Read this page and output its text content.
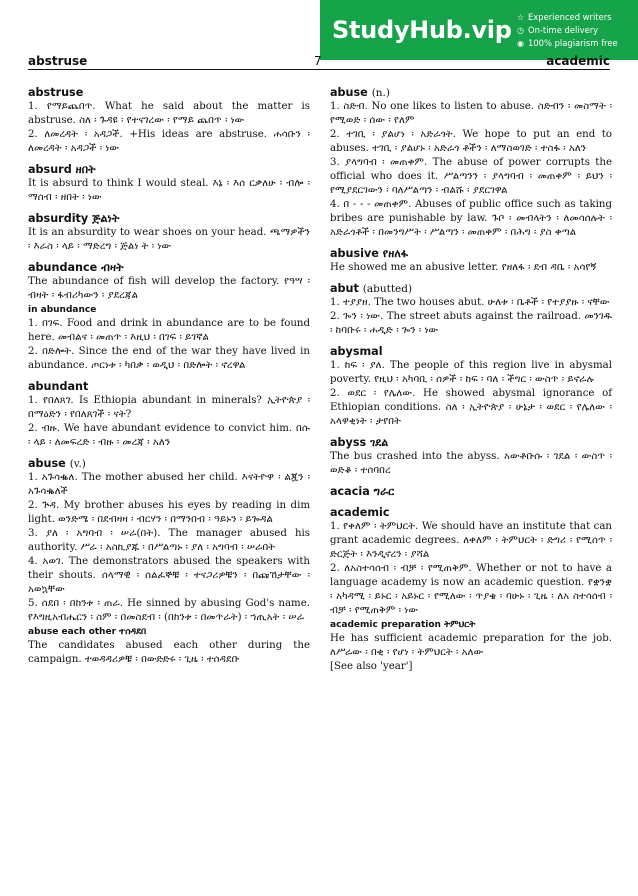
StudyHub.vip ☆ Experienced writers
◷ On-time delivery
◉ 100% plagiarism free
abstruse	7	academic
abstruse
1. የማይጨበጥ. What he said about the matter is abstruse. ስለ ፡ ጉዳዩ ፡ የተናገረው ፡ የማይ ጨበጥ ፡ ነው
2. ለመረዳት ፡ አዳጋች. +His ideas are abstruse. ሐሳቡን ፡ ለመረዳት ፡ አዳጋች ፡ ነው
absurd ዘበት
It is absurd to think I would steal. እኔ ፡ እሰ ርቃለሁ ፡ ብሎ ፡ ማሰብ ፡ ዘበት ፡ ነው
absurdity ጅልነት
It is an absurdity to wear shoes on your head. ጫማዎችን ፡ እራስ ፡ ላይ ፡ ማድረግ ፡ ጅልነ ት ፡ ነው
abundance ብዛት
The abundance of fish will develop the factory. የዓሣ ፡ ብዛት ፡ ፋብሪካውን ፡ ያደረጃል
in abundance
1. በገፍ. Food and drink in abundance are to be found here. መብልና ፡ መጠጥ ፡ እዚህ ፡ በገፍ ፡ ይገኛል
2. በድሎት. Since the end of the war they have lived in abundance. ጦርነቱ ፡ ካበቃ ፡ ወዲህ ፡ በድሎት ፡ ኖረዋል
abundant
1. የበለጸገ. Is Ethiopia abundant in minerals? ኢትዮጵያ ፡ በማዕድን ፡ የበለጸገች ፡ ናት?
2. ብዙ. We have abundant evidence to convict him. በሱ ፡ ላይ ፡ ለመፍረድ ፡ ብዙ ፡ መረጃ ፡ አለን
abuse (v.)
1. አጉሳቈለ. The mother abused her child. እናትዮዋ ፡ ልጇን ፡ አጉሳቈለች
2. ጕዳ. My brother abuses his eyes by reading in dim light. ወንድሜ ፡ በደብዛዛ ፡ ብርሃን ፡ በማንበብ ፡ ዓይኑን ፡ ይጐዳል
3. ያለ ፡ አግባብ ፡ ሠራ(በት). The manager abused his authority. ሥራ ፡ አስኪያጁ ፡ በሥልጣኑ ፡ ያለ ፡ አግባብ ፡ ሠራበት
4. አወገ. The demonstrators abused the speakers with their shouts. ሰላማዊ ፡ ሰልፈኞቹ ፡ ተናጋሪዎቹን ፡ በጩኸታቸው ፡ አወኳቸው
5. ሰደበ ፡ በከንቱ ፡ ጠራ. He sinned by abusing God's name. የእግዚአብሔርን ፡ ስም ፡ በመስደብ ፡ (በከንቱ ፡ በመጥራት) ፡ ኀጢአት ፡ ሠራ
abuse each other ተሰዳደበ
The candidates abused each other during the campaign. ተወዳዳሪዎቹ ፡ በውድድሩ ፡ ጊዜ ፡ ተሰዳደቡ
abuse (n.)
1. ስድብ. No one likes to listen to abuse. ስድብን ፡ መስማት ፡ የሚወድ ፡ ሰው ፡ የለም
2. ተገቢ ፡ ያልሆነ ፡ አድራጎት. We hope to put an end to abuses. ተገቢ ፡ ያልሆኑ ፡ አድራጎ ቶችን ፡ ለማስወገድ ፡ ተስፋ ፡ አለን
3. ያላግባብ ፡ መጠቀም. The abuse of power corrupts the official who does it. ሥልጣንን ፡ ያላግባብ ፡ መጠቀም ፡ ይህን ፡ የሚያደርገውን ፡ ባለሥልጣን ፡ ብልሹ ፡ ያደርገዋል
4. በ - - - መጠቀም. Abuses of public office such as taking bribes are punishable by law. ጉቦ ፡ መብላትን ፡ ለመሳሰሉት ፡ አድራጎቶች ፡ በመንግሥት ፡ ሥልጣን ፡ መጠቀም ፡ በሕግ ፡ ያስ ቀጣል
abusive የዘለፋ
He showed me an abusive letter. የዘለፋ ፡ ደብ ዳቤ ፡ አሳየኝ
abut (abutted)
1. ተያያዘ. The two houses abut. ሁለቱ ፡ ቤቶች ፡ የተያያዙ ፡ ናቸው
2. ጐን ፡ ነው. The street abuts against the railroad. መንገዱ ፡ ከባቡሩ ፡ ሐዲድ ፡ ጐን ፡ ነው
abysmal
1. ከፍ ፡ ያለ. The people of this region live in abysmal poverty. የዚህ ፡ አካባቢ ፡ ሰዎች ፡ ከፍ ፡ ባለ ፡ ችግር ፡ ውስጥ ፡ ይኖራሉ
2. ወደር ፡ የሌለው. He showed abysmal ignorance of Ethiopian conditions. ስለ ፡ ኢትዮጵያ ፡ ሁኔታ ፡ ወደር ፡ የሌለው ፡ አላዋቂነት ፡ ታየበት
abyss ገደል
The bus crashed into the abyss. አውቶቡሱ ፡ ገደል ፡ ውስጥ ፡ ወድቆ ፡ ተሰባበረ
acacia ግራር
academic
1. የቀለም ፡ ትምህርት. We should have an institute that can grant academic degrees. ለቀለም ፡ ትምህርት ፡ ድግሪ ፡ የሚሰጥ ፡ ድርጅት ፡ እንዲኖረን ፡ ያሻል
2. ለአስተሳሰብ ፡ ብቻ ፡ የሚጠቅም. Whether or not to have a language academy is now an academic question. የቋንቋ ፡ አካዳሚ ፡ ይኑር ፡ አይኑር ፡ የሚለው ፡ ጥያቄ ፡ ባሁኑ ፡ ጊዜ ፡ ለአ ስተሳሰብ ፡ ብቻ ፡ የሚጠቅም ፡ ነው
academic preparation ትምህርት
He has sufficient academic preparation for the job. ለሥራው ፡ በቂ ፡ የሆነ ፡ ትምህርት ፡ አለው
[See also 'year']
